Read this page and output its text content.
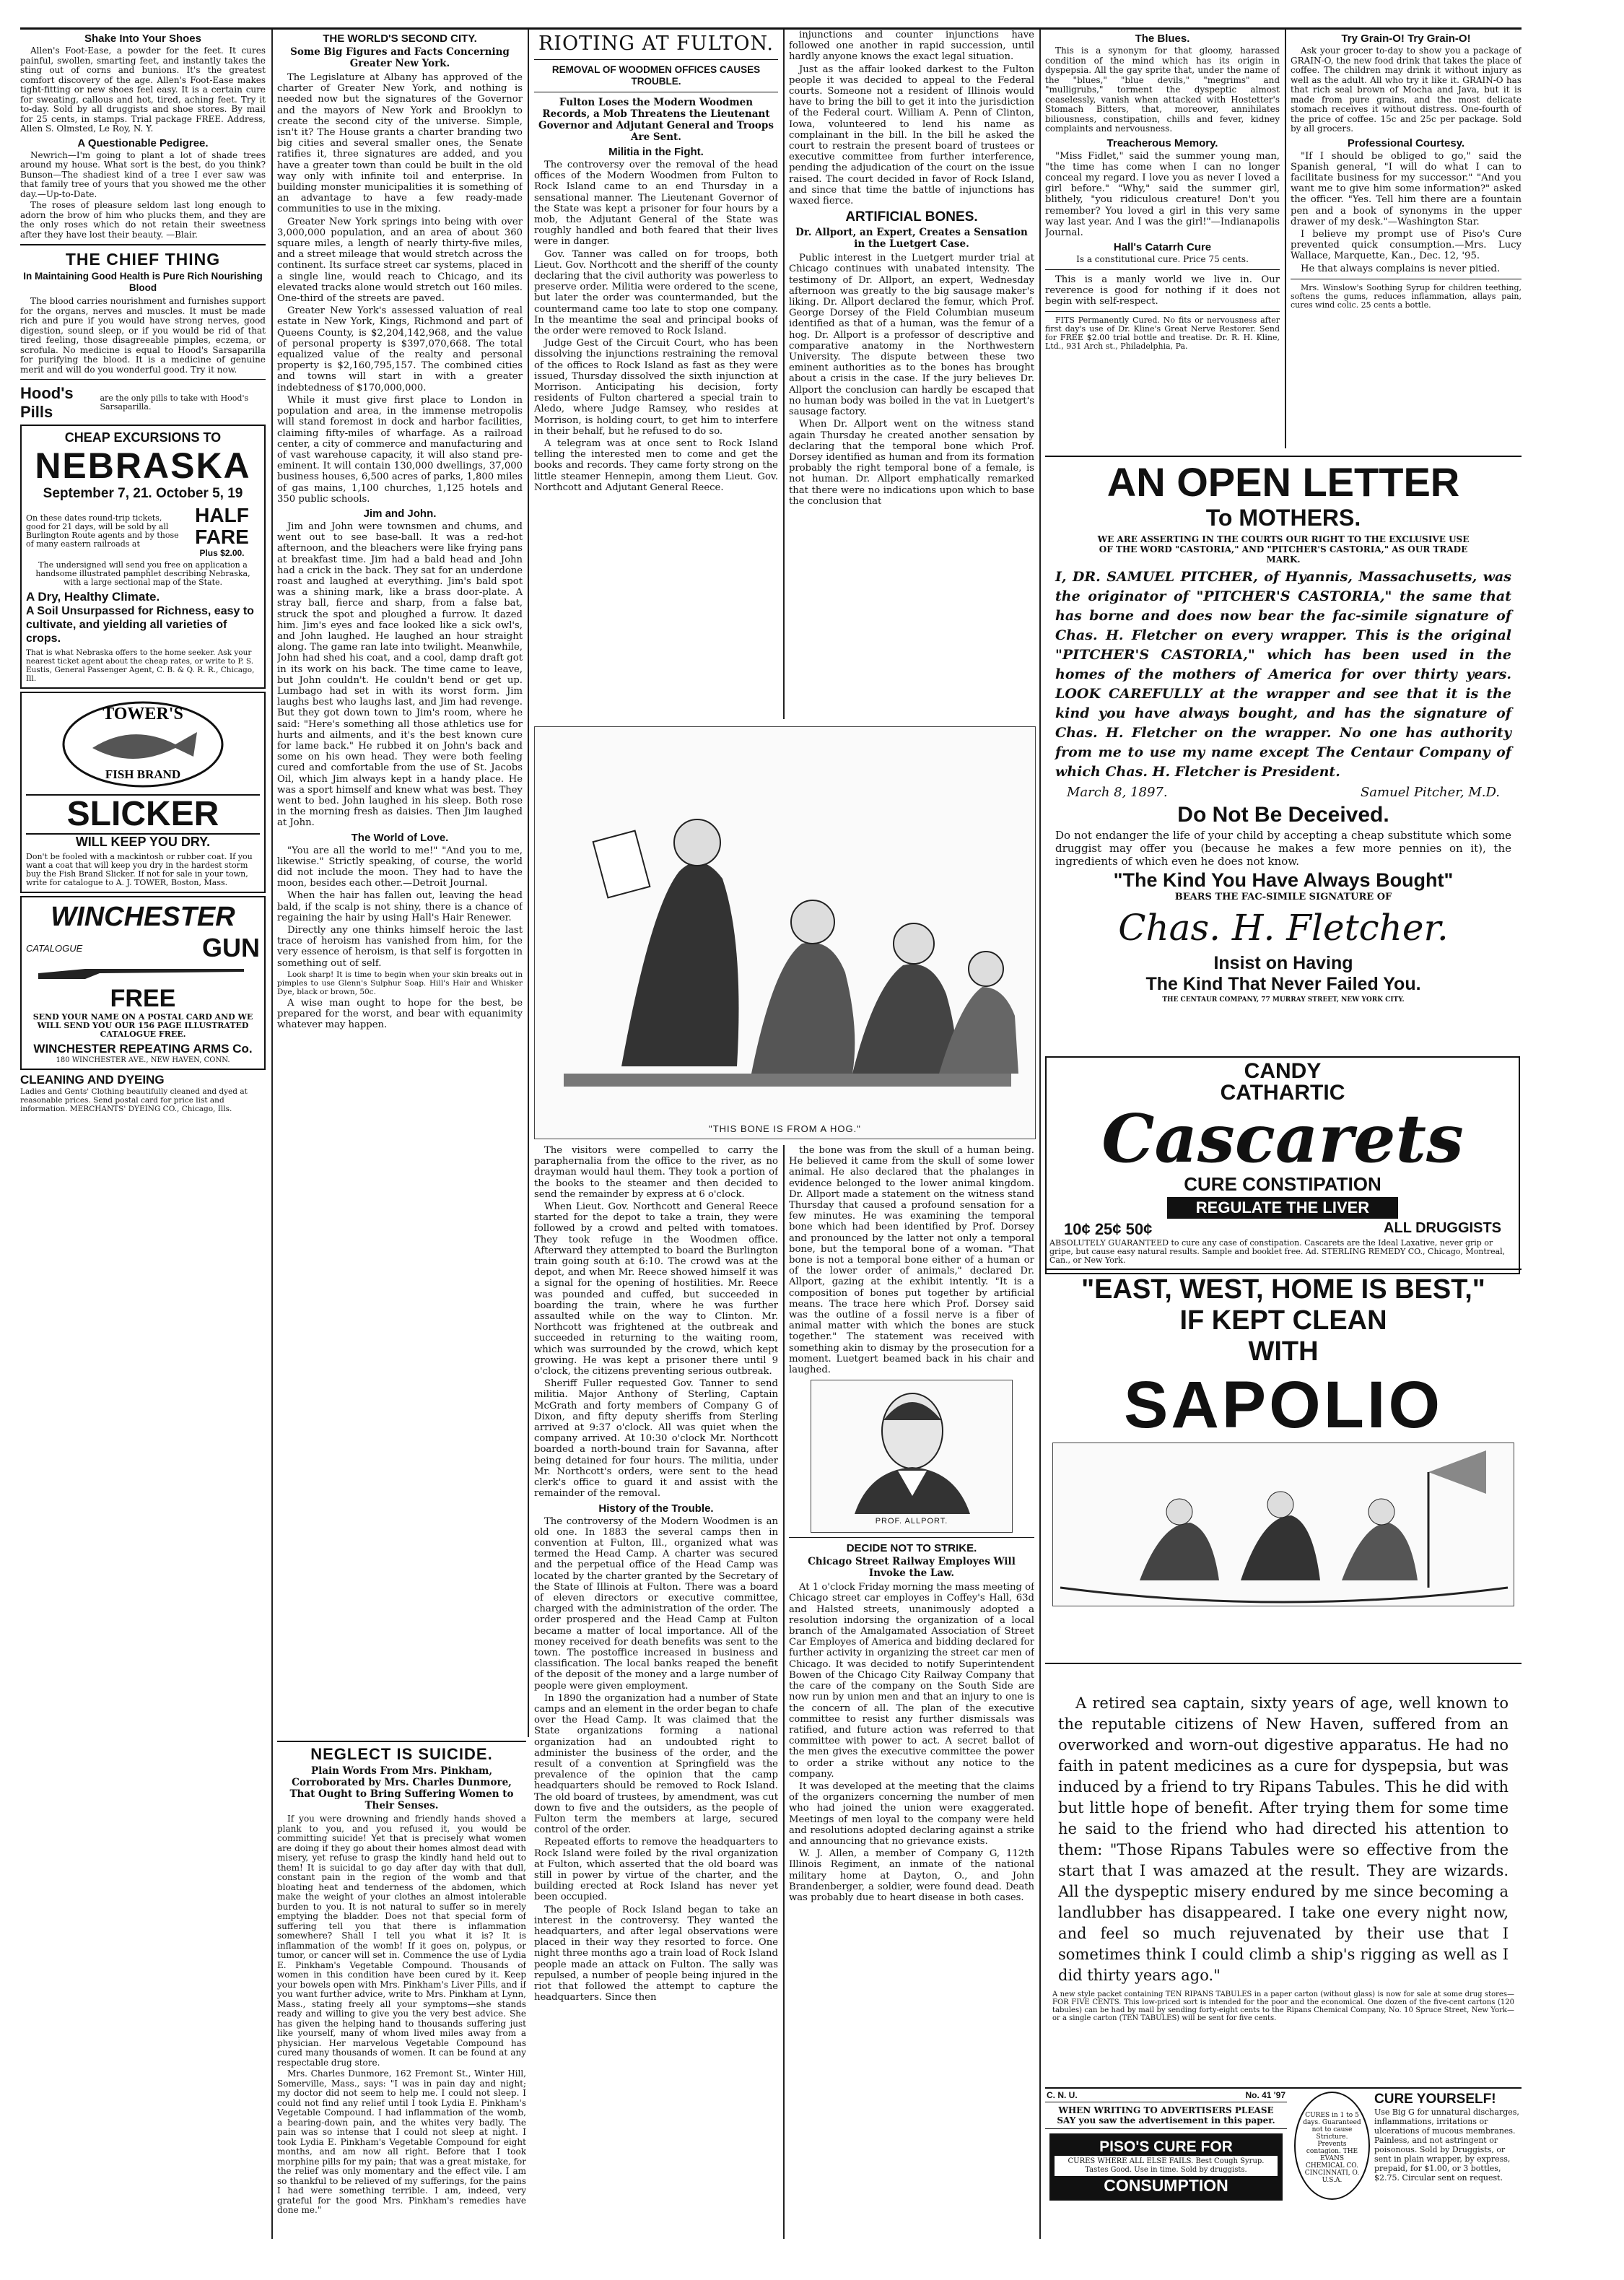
Shake Into Your Shoes

Allen's Foot-Ease, a powder for the feet. It cures painful, swollen, smarting feet, and instantly takes the sting out of corns and bunions. It's the greatest comfort discovery of the age. Allen's Foot-Ease makes tight-fitting or new shoes feel easy. It is a certain cure for sweating, callous and hot, tired, aching feet. Try it to-day. Sold by all druggists and shoe stores. By mail for 25 cents, in stamps. Trial package FREE. Address, Allen S. Olmsted, Le Roy, N. Y.

A Questionable Pedigree.

Newrich—I'm going to plant a lot of shade trees around my house. What sort is the best, do you think? Bunson—The shadiest kind of a tree I ever saw was that family tree of yours that you showed me the other day.—Up-to-Date.

The roses of pleasure seldom last long enough to adorn the brow of him who plucks them, and they are the only roses which do not retain their sweetness after they have lost their beauty. —Blair.

THE CHIEF THING
In Maintaining Good Health is Pure Rich Nourishing Blood

The blood carries nourishment and furnishes support for the organs, nerves and muscles. It must be made rich and pure if you would have strong nerves, good digestion, sound sleep, or if you would be rid of that tired feeling, those disagreeable pimples, eczema, or scrofula. No medicine is equal to Hood's Sarsaparilla for purifying the blood. It is a medicine of genuine merit and will do you wonderful good. Try it now.

Hood's Pills
are the only pills to take with Hood's Sarsaparilla.
CHEAP EXCURSIONS TO
NEBRASKA
September 7, 21. October 5, 19
On these dates round-trip tickets, good for 21 days, will be sold by all Burlington Route agents and by those of many eastern railroads at
HALF FARE
Plus $2.00.

The undersigned will send you free on application a handsome illustrated pamphlet describing Nebraska, with a large sectional map of the State.

A Dry, Healthy Climate.
A Soil Unsurpassed for Richness, easy to cultivate, and yielding all varieties of crops.

That is what Nebraska offers to the home seeker. Ask your nearest ticket agent about the cheap rates, or write to P. S. Eustis, General Passenger Agent, C. B. & Q. R. R., Chicago, Ill.

TOWER'S
FISH BRAND
SLICKER
WILL KEEP YOU DRY.

Don't be fooled with a mackintosh or rubber coat. If you want a coat that will keep you dry in the hardest storm buy the Fish Brand Slicker. If not for sale in your town, write for catalogue to A. J. TOWER, Boston, Mass.

WINCHESTER
CATALOGUE	GUN
FREE
SEND YOUR NAME ON A POSTAL CARD AND WE WILL SEND YOU OUR 156 PAGE ILLUSTRATED CATALOGUE FREE.
WINCHESTER REPEATING ARMS Co.
180 WINCHESTER AVE., NEW HAVEN, CONN.
CLEANING AND DYEING

Ladies and Gents' Clothing beautifully cleaned and dyed at reasonable prices. Send postal card for price list and information. MERCHANTS' DYEING CO., Chicago, Ills.

THE WORLD'S SECOND CITY.
Some Big Figures and Facts Concerning Greater New York.

The Legislature at Albany has approved of the charter of Greater New York, and nothing is needed now but the signatures of the Governor and the mayors of New York and Brooklyn to create the second city of the universe. Simple, isn't it? The House grants a charter branding two big cities and several smaller ones, the Senate ratifies it, three signatures are added, and you have a greater town than could be built in the old way only with infinite toil and enterprise. In building monster municipalities it is something of an advantage to have a few ready-made communities to use in the mixing.

Greater New York springs into being with over 3,000,000 population, and an area of about 360 square miles, a length of nearly thirty-five miles, and a street mileage that would stretch across the continent. Its surface street car systems, placed in a single line, would reach to Chicago, and its elevated tracks alone would stretch out 160 miles. One-third of the streets are paved.

Greater New York's assessed valuation of real estate in New York, Kings, Richmond and part of Queens County, is $2,204,142,968, and the value of personal property is $397,070,668. The total equalized value of the realty and personal property is $2,160,795,157. The combined cities and towns will start in with a greater indebtedness of $170,000,000.

While it must give first place to London in population and area, in the immense metropolis will stand foremost in dock and harbor facilities, claiming fifty-miles of wharfage. As a railroad center, a city of commerce and manufacturing and of vast warehouse capacity, it will also stand pre-eminent. It will contain 130,000 dwellings, 37,000 business houses, 6,500 acres of parks, 1,800 miles of gas mains, 1,100 churches, 1,125 hotels and 350 public schools.

Jim and John.

Jim and John were townsmen and chums, and went out to see base-ball. It was a red-hot afternoon, and the bleachers were like frying pans at breakfast time. Jim had a bald head and John had a crick in the back. They sat for an underdone roast and laughed at everything. Jim's bald spot was a shining mark, like a brass door-plate. A stray ball, fierce and sharp, from a false bat, struck the spot and ploughed a furrow. It dazed him. Jim's eyes and face looked like a sick owl's, and John laughed. He laughed an hour straight along. The game ran late into twilight. Meanwhile, John had shed his coat, and a cool, damp draft got in its work on his back. The time came to leave, but John couldn't. He couldn't bend or get up. Lumbago had set in with its worst form. Jim laughs best who laughs last, and Jim had revenge. But they got down town to Jim's room, where he said: "Here's something all those athletics use for hurts and ailments, and it's the best known cure for lame back." He rubbed it on John's back and some on his own head. They were both feeling cured and comfortable from the use of St. Jacobs Oil, which Jim always kept in a handy place. He was a sport himself and knew what was best. They went to bed. John laughed in his sleep. Both rose in the morning fresh as daisies. Then Jim laughed at John.

The World of Love.

"You are all the world to me!" "And you to me, likewise." Strictly speaking, of course, the world did not include the moon. They had to have the moon, besides each other.—Detroit Journal.

When the hair has fallen out, leaving the head bald, if the scalp is not shiny, there is a chance of regaining the hair by using Hall's Hair Renewer.

Directly any one thinks himself heroic the last trace of heroism has vanished from him, for the very essence of heroism, is that self is forgotten in something out of self.

Look sharp! It is time to begin when your skin breaks out in pimples to use Glenn's Sulphur Soap. Hill's Hair and Whisker Dye, black or brown, 50c.

A wise man ought to hope for the best, be prepared for the worst, and bear with equanimity whatever may happen.

RIOTING AT FULTON.
REMOVAL OF WOODMEN OFFICES CAUSES TROUBLE.
Fulton Loses the Modern Woodmen Records, a Mob Threatens the Lieutenant Governor and Adjutant General and Troops Are Sent.
Militia in the Fight.

The controversy over the removal of the head offices of the Modern Woodmen from Fulton to Rock Island came to an end Thursday in a sensational manner. The Lieutenant Governor of the State was kept a prisoner for four hours by a mob, the Adjutant General of the State was roughly handled and both feared that their lives were in danger.

Gov. Tanner was called on for troops, both Lieut. Gov. Northcott and the sheriff of the county declaring that the civil authority was powerless to preserve order. Militia were ordered to the scene, but later the order was countermanded, but the countermand came too late to stop one company. In the meantime the seal and principal books of the order were removed to Rock Island.

Judge Gest of the Circuit Court, who has been dissolving the injunctions restraining the removal of the offices to Rock Island as fast as they were issued, Thursday dissolved the sixth injunction at Morrison. Anticipating his decision, forty residents of Fulton chartered a special train to Aledo, where Judge Ramsey, who resides at Morrison, is holding court, to get him to interfere in their behalf, but he refused to do so.

A telegram was at once sent to Rock Island telling the interested men to come and get the books and records. They came forty strong on the little steamer Hennepin, among them Lieut. Gov. Northcott and Adjutant General Reece.

injunctions and counter injunctions have followed one another in rapid succession, until hardly anyone knows the exact legal situation.

Just as the affair looked darkest to the Fulton people it was decided to appeal to the Federal courts. Someone not a resident of Illinois would have to bring the bill to get it into the jurisdiction of the Federal court. William A. Penn of Clinton, Iowa, volunteered to lend his name as complainant in the bill. In the bill he asked the court to restrain the present board of trustees or executive committee from further interference, pending the adjudication of the court on the issue raised. The court decided in favor of Rock Island, and since that time the battle of injunctions has waxed fierce.

ARTIFICIAL BONES.
Dr. Allport, an Expert, Creates a Sensation in the Luetgert Case.

Public interest in the Luetgert murder trial at Chicago continues with unabated intensity. The testimony of Dr. Allport, an expert, Wednesday afternoon was greatly to the big sausage maker's liking. Dr. Allport declared the femur, which Prof. George Dorsey of the Field Columbian museum identified as that of a human, was the femur of a hog. Dr. Allport is a professor of descriptive and comparative anatomy in the Northwestern University. The dispute between these two eminent authorities as to the bones has brought about a crisis in the case. If the jury believes Dr. Allport the conclusion can hardly be escaped that no human body was boiled in the vat in Luetgert's sausage factory.

When Dr. Allport went on the witness stand again Thursday he created another sensation by declaring that the temporal bone which Prof. Dorsey identified as human and from its formation probably the right temporal bone of a female, is not human. Dr. Allport emphatically remarked that there were no indications upon which to base the conclusion that

"THIS BONE IS FROM A HOG."

The visitors were compelled to carry the paraphernalia from the office to the river, as no drayman would haul them. They took a portion of the books to the steamer and then decided to send the remainder by express at 6 o'clock.

When Lieut. Gov. Northcott and General Reece started for the depot to take a train, they were followed by a crowd and pelted with tomatoes. They took refuge in the Woodmen office. Afterward they attempted to board the Burlington train going south at 6:10. The crowd was at the depot, and when Mr. Reece showed himself it was a signal for the opening of hostilities. Mr. Reece was pounded and cuffed, but succeeded in boarding the train, where he was further assaulted while on the way to Clinton. Mr. Northcott was frightened at the outbreak and succeeded in returning to the waiting room, which was surrounded by the crowd, which kept growing. He was kept a prisoner there until 9 o'clock, the citizens preventing serious outbreak.

Sheriff Fuller requested Gov. Tanner to send militia. Major Anthony of Sterling, Captain McGrath and forty members of Company G of Dixon, and fifty deputy sheriffs from Sterling arrived at 9:37 o'clock. All was quiet when the company arrived. At 10:30 o'clock Mr. Northcott boarded a north-bound train for Savanna, after being detained for four hours. The militia, under Mr. Northcott's orders, were sent to the head clerk's office to guard it and assist with the remainder of the removal.

History of the Trouble.

The controversy of the Modern Woodmen is an old one. In 1883 the several camps then in convention at Fulton, Ill., organized what was termed the Head Camp. A charter was secured and the perpetual office of the Head Camp was located by the charter granted by the Secretary of the State of Illinois at Fulton. There was a board of eleven directors or executive committee, charged with the administration of the order. The order prospered and the Head Camp at Fulton became a matter of local importance. All of the money received for death benefits was sent to the town. The postoffice increased in business and classification. The local banks reaped the benefit of the deposit of the money and a large number of people were given employment.

In 1890 the organization had a number of State camps and an element in the order began to chafe over the Head Camp. It was claimed that the State organizations forming a national organization had an undoubted right to administer the business of the order, and the result of a convention at Springfield was the prevalence of the opinion that the camp headquarters should be removed to Rock Island. The old board of trustees, by amendment, was cut down to five and the outsiders, as the people of Fulton term the members at large, secured control of the order.

Repeated efforts to remove the headquarters to Rock Island were foiled by the rival organization at Fulton, which asserted that the old board was still in power by virtue of the charter, and the building erected at Rock Island has never yet been occupied.

The people of Rock Island began to take an interest in the controversy. They wanted the headquarters, and after legal observations were placed in their way they resorted to force. One night three months ago a train load of Rock Island people made an attack on Fulton. The sally was repulsed, a number of people being injured in the riot that followed the attempt to capture the headquarters. Since then

the bone was from the skull of a human being. He believed it came from the skull of some lower animal. He also declared that the phalanges in evidence belonged to the lower animal kingdom. Dr. Allport made a statement on the witness stand Thursday that caused a profound sensation for a few minutes. He was examining the temporal bone which had been identified by Prof. Dorsey and pronounced by the latter not only a temporal bone, but the temporal bone of a woman. "That bone is not a temporal bone either of a human or of the lower order of animals," declared Dr. Allport, gazing at the exhibit intently. "It is a composition of bones put together by artificial means. The trace here which Prof. Dorsey said was the outline of a fossil nerve is a fiber of animal matter with which the bones are stuck together." The statement was received with something akin to dismay by the prosecution for a moment. Luetgert beamed back in his chair and laughed.

PROF. ALLPORT.
DECIDE NOT TO STRIKE.
Chicago Street Railway Employes Will Invoke the Law.

At 1 o'clock Friday morning the mass meeting of Chicago street car employes in Coffey's Hall, 63d and Halsted streets, unanimously adopted a resolution indorsing the organization of a local branch of the Amalgamated Association of Street Car Employes of America and bidding declared for further activity in organizing the street car men of Chicago. It was decided to notify Superintendent Bowen of the Chicago City Railway Company that the care of the company on the South Side are now run by union men and that an injury to one is the concern of all. The plan of the executive committee to resist any further dismissals was ratified, and future action was referred to that committee with power to act. A secret ballot of the men gives the executive committee the power to order a strike without any notice to the company.

It was developed at the meeting that the claims of the organizers concerning the number of men who had joined the union were exaggerated. Meetings of men loyal to the company were held and resolutions adopted declaring against a strike and announcing that no grievance exists.

W. J. Allen, a member of Company G, 112th Illinois Regiment, an inmate of the national military home at Dayton, O., and John Brandenberger, a soldier, were found dead. Death was probably due to heart disease in both cases.

NEGLECT IS SUICIDE.
Plain Words From Mrs. Pinkham, Corroborated by Mrs. Charles Dunmore, That Ought to Bring Suffering Women to Their Senses.

If you were drowning and friendly hands shoved a plank to you, and you refused it, you would be committing suicide! Yet that is precisely what women are doing if they go about their homes almost dead with misery, yet refuse to grasp the kindly hand held out to them! It is suicidal to go day after day with that dull, constant pain in the region of the womb and that bloating heat and tenderness of the abdomen, which make the weight of your clothes an almost intolerable burden to you. It is not natural to suffer so in merely emptying the bladder. Does not that special form of suffering tell you that there is inflammation somewhere? Shall I tell you what it is? It is inflammation of the womb! If it goes on, polypus, or tumor, or cancer will set in. Commence the use of Lydia E. Pinkham's Vegetable Compound. Thousands of women in this condition have been cured by it. Keep your bowels open with Mrs. Pinkham's Liver Pills, and if you want further advice, write to Mrs. Pinkham at Lynn, Mass., stating freely all your symptoms—she stands ready and willing to give you the very best advice. She has given the helping hand to thousands suffering just like yourself, many of whom lived miles away from a physician. Her marvelous Vegetable Compound has cured many thousands of women. It can be found at any respectable drug store.

Mrs. Charles Dunmore, 162 Fremont St., Winter Hill, Somerville, Mass., says: "I was in pain day and night; my doctor did not seem to help me. I could not sleep. I could not find any relief until I took Lydia E. Pinkham's Vegetable Compound. I had inflammation of the womb, a bearing-down pain, and the whites very badly. The pain was so intense that I could not sleep at night. I took Lydia E. Pinkham's Vegetable Compound for eight months, and am now all right. Before that I took morphine pills for my pain; that was a great mistake, for the relief was only momentary and the effect vile. I am so thankful to be relieved of my sufferings, for the pains I had were something terrible. I am, indeed, very grateful for the good Mrs. Pinkham's remedies have done me."

The Blues.

This is a synonym for that gloomy, harassed condition of the mind which has its origin in dyspepsia. All the gay sprite that, under the name of the "blues," "blue devils," "megrims" and "mulligrubs," torment the dyspeptic almost ceaselessly, vanish when attacked with Hostetter's Stomach Bitters, that, moreover, annihilates biliousness, constipation, chills and fever, kidney complaints and nervousness.

Treacherous Memory.

"Miss Fidlet," said the summer young man, "the time has come when I can no longer conceal my regard. I love you as never I loved a girl before." "Why," said the summer girl, blithely, "you ridiculous creature! Don't you remember? You loved a girl in this very same way last year. And I was the girl!"—Indianapolis Journal.

Hall's Catarrh Cure

Is a constitutional cure. Price 75 cents.

This is a manly world we live in. Our reverence is good for nothing if it does not begin with self-respect.

FITS Permanently Cured. No fits or nervousness after first day's use of Dr. Kline's Great Nerve Restorer. Send for FREE $2.00 trial bottle and treatise. Dr. R. H. Kline, Ltd., 931 Arch st., Philadelphia, Pa.

Try Grain-O! Try Grain-O!

Ask your grocer to-day to show you a package of GRAIN-O, the new food drink that takes the place of coffee. The children may drink it without injury as well as the adult. All who try it like it. GRAIN-O has that rich seal brown of Mocha and Java, but it is made from pure grains, and the most delicate stomach receives it without distress. One-fourth of the price of coffee. 15c and 25c per package. Sold by all grocers.

Professional Courtesy.

"If I should be obliged to go," said the Spanish general, "I will do what I can to facilitate business for my successor." "And you want me to give him some information?" asked the officer. "Yes. Tell him there are a fountain pen and a book of synonyms in the upper drawer of my desk."—Washington Star.

I believe my prompt use of Piso's Cure prevented quick consumption.—Mrs. Lucy Wallace, Marquette, Kan., Dec. 12, '95.

He that always complains is never pitied.

Mrs. Winslow's Soothing Syrup for children teething, softens the gums, reduces inflammation, allays pain, cures wind colic. 25 cents a bottle.

AN OPEN LETTER
To MOTHERS.
WE ARE ASSERTING IN THE COURTS OUR RIGHT TO THE EXCLUSIVE USE OF THE WORD "CASTORIA," AND "PITCHER'S CASTORIA," AS OUR TRADE MARK.

I, DR. SAMUEL PITCHER, of Hyannis, Massachusetts, was the originator of "PITCHER'S CASTORIA," the same that has borne and does now bear the fac-simile signature of Chas. H. Fletcher on every wrapper. This is the original "PITCHER'S CASTORIA," which has been used in the homes of the mothers of America for over thirty years. LOOK CAREFULLY at the wrapper and see that it is the kind you have always bought, and has the signature of Chas. H. Fletcher on the wrapper. No one has authority from me to use my name except The Centaur Company of which Chas. H. Fletcher is President.

March 8, 1897.	Samuel Pitcher, M.D.
Do Not Be Deceived.

Do not endanger the life of your child by accepting a cheap substitute which some druggist may offer you (because he makes a few more pennies on it), the ingredients of which even he does not know.

"The Kind You Have Always Bought"
BEARS THE FAC-SIMILE SIGNATURE OF
Chas. H. Fletcher.
Insist on Having
The Kind That Never Failed You.
THE CENTAUR COMPANY, 77 MURRAY STREET, NEW YORK CITY.
CANDY
CATHARTIC
Cascarets
CURE CONSTIPATION
REGULATE THE LIVER
10¢ 25¢ 50¢	ALL DRUGGISTS
ABSOLUTELY GUARANTEED to cure any case of constipation. Cascarets are the Ideal Laxative, never grip or gripe, but cause easy natural results. Sample and booklet free. Ad. STERLING REMEDY CO., Chicago, Montreal, Can., or New York.
"EAST, WEST, HOME IS BEST,"
IF KEPT CLEAN
WITH
SAPOLIO

A retired sea captain, sixty years of age, well known to the reputable citizens of New Haven, suffered from an overworked and worn-out digestive apparatus. He had no faith in patent medicines as a cure for dyspepsia, but was induced by a friend to try Ripans Tabules. This he did with but little hope of benefit. After trying them for some time he said to the friend who had directed his attention to them: "Those Ripans Tabules were so effective from the start that I was amazed at the result. They are wizards. All the dyspeptic misery endured by me since becoming a landlubber has disappeared. I take one every night now, and feel so much rejuvenated by their use that I sometimes think I could climb a ship's rigging as well as I did thirty years ago."

A new style packet containing TEN RIPANS TABULES in a paper carton (without glass) is now for sale at some drug stores—FOR FIVE CENTS. This low-priced sort is intended for the poor and the economical. One dozen of the five-cent cartons (120 tabules) can be had by mail by sending forty-eight cents to the Ripans Chemical Company, No. 10 Spruce Street, New York—or a single carton (TEN TABULES) will be sent for five cents.

C. N. U.	No. 41 '97
WHEN WRITING TO ADVERTISERS PLEASE SAY you saw the advertisement in this paper.
PISO'S CURE FOR
CURES WHERE ALL ELSE FAILS. Best Cough Syrup. Tastes Good. Use in time. Sold by druggists.
CONSUMPTION
CURES in 1 to 5 days. Guaranteed not to cause Stricture. Prevents contagion. THE EVANS CHEMICAL CO. CINCINNATI, O. U.S.A.
CURE YOURSELF!
Use Big G for unnatural discharges, inflammations, irritations or ulcerations of mucous membranes. Painless, and not astringent or poisonous. Sold by Druggists, or sent in plain wrapper, by express, prepaid, for $1.00, or 3 bottles, $2.75. Circular sent on request.
